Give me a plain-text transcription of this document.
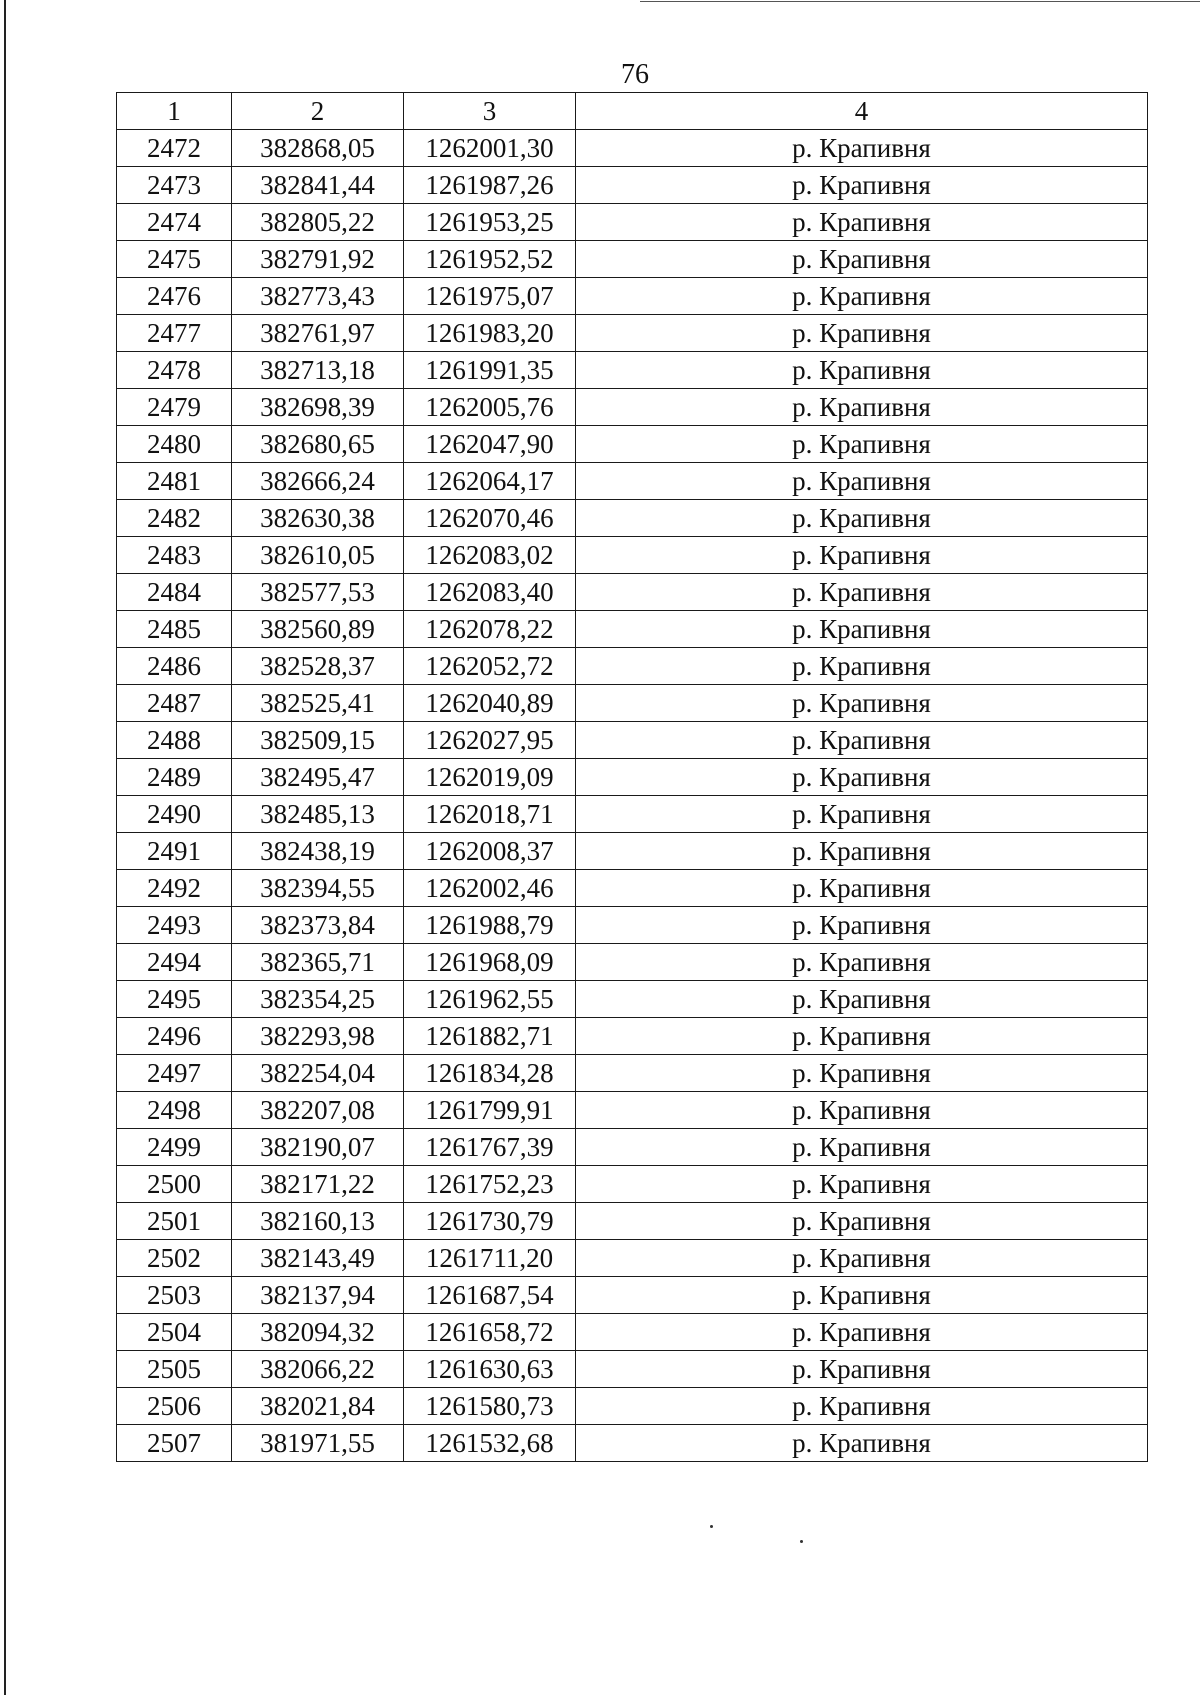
76
1	2	3	4
2472	382868,05	1262001,30	р. Крапивня
2473	382841,44	1261987,26	р. Крапивня
2474	382805,22	1261953,25	р. Крапивня
2475	382791,92	1261952,52	р. Крапивня
2476	382773,43	1261975,07	р. Крапивня
2477	382761,97	1261983,20	р. Крапивня
2478	382713,18	1261991,35	р. Крапивня
2479	382698,39	1262005,76	р. Крапивня
2480	382680,65	1262047,90	р. Крапивня
2481	382666,24	1262064,17	р. Крапивня
2482	382630,38	1262070,46	р. Крапивня
2483	382610,05	1262083,02	р. Крапивня
2484	382577,53	1262083,40	р. Крапивня
2485	382560,89	1262078,22	р. Крапивня
2486	382528,37	1262052,72	р. Крапивня
2487	382525,41	1262040,89	р. Крапивня
2488	382509,15	1262027,95	р. Крапивня
2489	382495,47	1262019,09	р. Крапивня
2490	382485,13	1262018,71	р. Крапивня
2491	382438,19	1262008,37	р. Крапивня
2492	382394,55	1262002,46	р. Крапивня
2493	382373,84	1261988,79	р. Крапивня
2494	382365,71	1261968,09	р. Крапивня
2495	382354,25	1261962,55	р. Крапивня
2496	382293,98	1261882,71	р. Крапивня
2497	382254,04	1261834,28	р. Крапивня
2498	382207,08	1261799,91	р. Крапивня
2499	382190,07	1261767,39	р. Крапивня
2500	382171,22	1261752,23	р. Крапивня
2501	382160,13	1261730,79	р. Крапивня
2502	382143,49	1261711,20	р. Крапивня
2503	382137,94	1261687,54	р. Крапивня
2504	382094,32	1261658,72	р. Крапивня
2505	382066,22	1261630,63	р. Крапивня
2506	382021,84	1261580,73	р. Крапивня
2507	381971,55	1261532,68	р. Крапивня
